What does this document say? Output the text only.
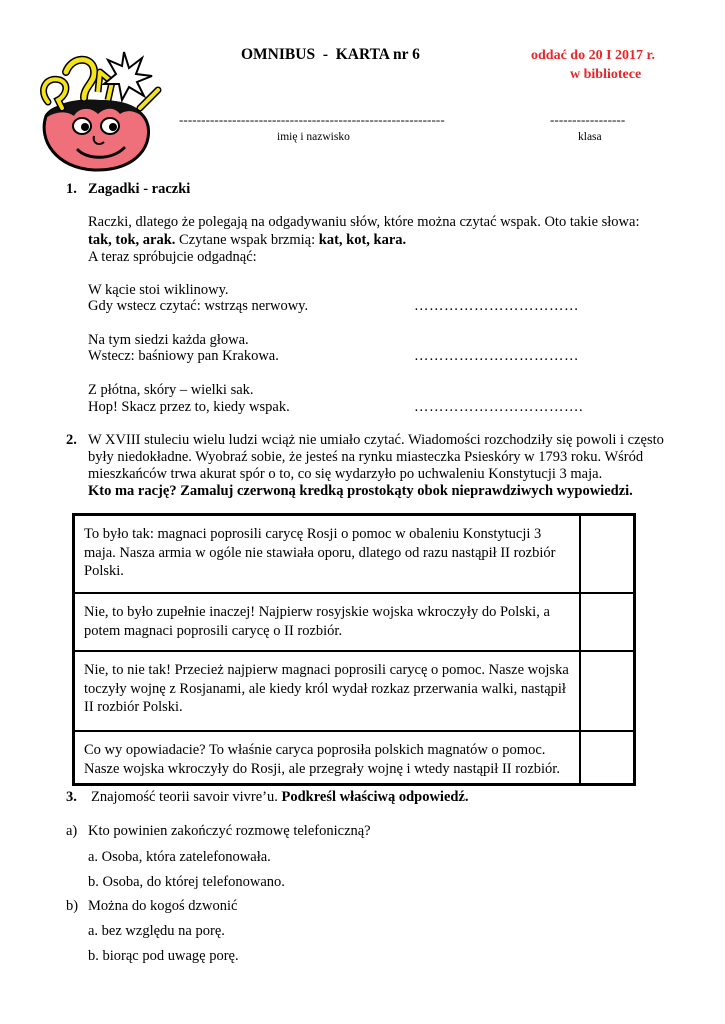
OMNIBUS  -  KARTA nr 6	oddać do 20 I 2017 r.
w bibliotece
------------------------------------------------------------	-----------------
imię i nazwisko	klasa
1. Zagadki - raczki
Raczki, dlatego że polegają na odgadywaniu słów, które można czytać wspak. Oto takie słowa:
tak, tok, arak. Czytane wspak brzmią: kat, kot, kara.
A teraz spróbujcie odgadnąć:
W kącie stoi wiklinowy.
Gdy wstecz czytać: wstrząs nerwowy.	……………………………
Na tym siedzi każda głowa.
Wstecz: baśniowy pan Krakowa.	……………………………
Z płótna, skóry – wielki sak.
Hop! Skacz przez to, kiedy wspak.	…………………………….
2. W XVIII stuleciu wielu ludzi wciąż nie umiało czytać. Wiadomości rozchodziły się powoli i często
były niedokładne. Wyobraź sobie, że jesteś na rynku miasteczka Psieskóry w 1793 roku. Wśród
mieszkańców trwa akurat spór o to, co się wydarzyło po uchwaleniu Konstytucji 3 maja.
Kto ma rację? Zamaluj czerwoną kredką prostokąty obok nieprawdziwych wypowiedzi.
To było tak: magnaci poprosili carycę Rosji o pomoc w obaleniu Konstytucji 3 maja. Nasza armia w ogóle nie stawiała oporu, dlatego od razu nastąpił II rozbiór Polski.
Nie, to było zupełnie inaczej! Najpierw rosyjskie wojska wkroczyły do Polski, a potem magnaci poprosili carycę o II rozbiór.
Nie, to nie tak! Przecież najpierw magnaci poprosili carycę o pomoc. Nasze wojska toczyły wojnę z Rosjanami, ale kiedy król wydał rozkaz przerwania walki, nastąpił II rozbiór Polski.
Co wy opowiadacie? To właśnie caryca poprosiła polskich magnatów o pomoc. Nasze wojska wkroczyły do Rosji, ale przegrały wojnę i wtedy nastąpił II rozbiór.
3. Znajomość teorii savoir vivre’u. Podkreśl właściwą odpowiedź.
a) Kto powinien zakończyć rozmowę telefoniczną?
a. Osoba, która zatelefonowała.
b. Osoba, do której telefonowano.
b) Można do kogoś dzwonić
a. bez względu na porę.
b. biorąc pod uwagę porę.
